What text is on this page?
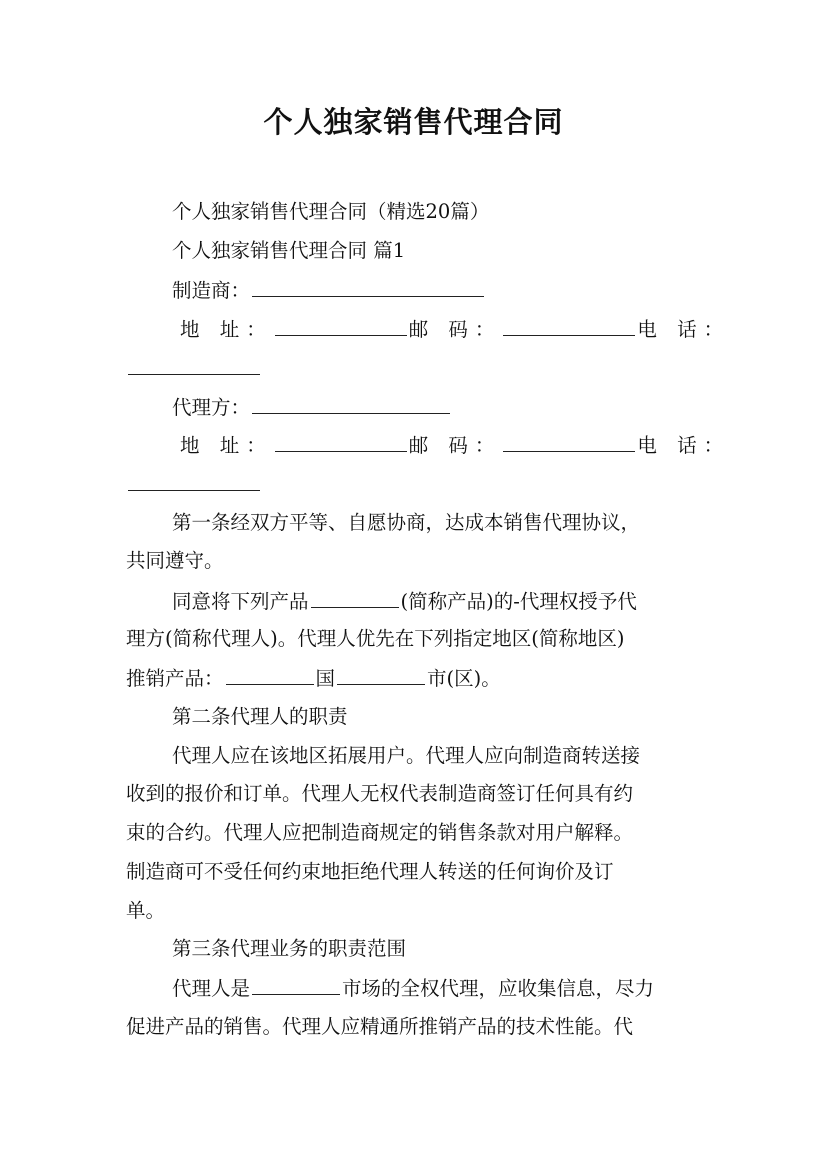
个人独家销售代理合同
个人独家销售代理合同（精选20篇）
个人独家销售代理合同 篇1
制造商：
地 址：	邮 码：	电 话：
代理方：
地 址：	邮 码：	电 话：
第一条经双方平等、自愿协商，达成本销售代理协议，
共同遵守。
同意将下列产品	(简称产品)的-代理权授予代
理方(简称代理人)。代理人优先在下列指定地区(简称地区)
推销产品：	国	市(区)。
第二条代理人的职责
代理人应在该地区拓展用户。代理人应向制造商转送接
收到的报价和订单。代理人无权代表制造商签订任何具有约
束的合约。代理人应把制造商规定的销售条款对用户解释。
制造商可不受任何约束地拒绝代理人转送的任何询价及订
单。
第三条代理业务的职责范围
代理人是	市场的全权代理，应收集信息，尽力
促进产品的销售。代理人应精通所推销产品的技术性能。代
